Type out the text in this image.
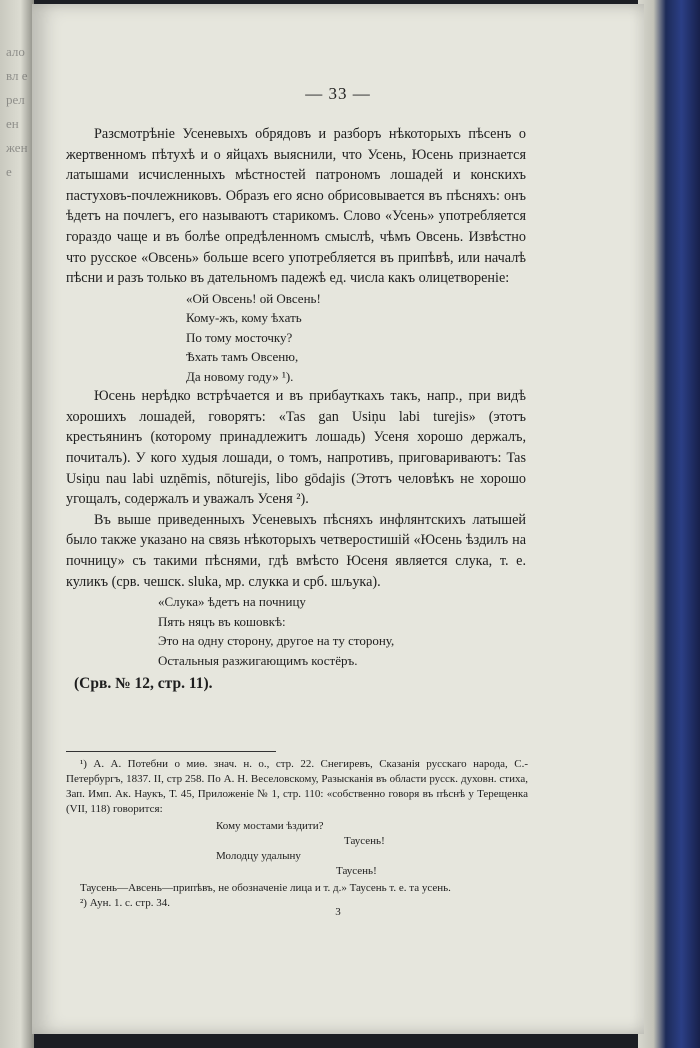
аловл ерелен жене
— 33 —

Разсмотрѣніе Усеневыхъ обрядовъ и разборъ нѣкоторыхъ пѣсенъ о жертвенномъ пѣтухѣ и о яйцахъ выяснили, что Усень, Юсень признается латышами исчисленныхъ мѣстностей патрономъ лошадей и конскихъ пастуховъ-почлежниковъ. Образъ его ясно обрисовывается въ пѣсняхъ: онъ ѣдетъ на почлегъ, его называютъ старикомъ. Слово «Усень» употребляется гораздо чаще и въ болѣе опредѣленномъ смыслѣ, чѣмъ Овсень. Извѣстно что русское «Овсень» больше всего употребляется въ припѣвѣ, или началѣ пѣсни и разъ только въ дательномъ падежѣ ед. числа какъ олицетвореніе:

«Ой Овсень! ой Овсень!
Кому-жъ, кому ѣхать
По тому мосточку?
Ѣхать тамъ Овсеню,
Да новому году» ¹).

Юсень нерѣдко встрѣчается и въ прибауткахъ такъ, напр., при видѣ хорошихъ лошадей, говорятъ: «Tas gan Usiņu labi turejis» (этотъ крестьянинъ (которому принадлежитъ лошадь) Усеня хорошо держалъ, почиталъ). У кого худыя лошади, о томъ, напротивъ, приговариваютъ: Tas Usiņu nau labi uzņēmis, nōturejis, libo gōdajis (Этотъ человѣкъ не хорошо угощалъ, содержалъ и уважалъ Усеня ²).

Въ выше приведенныхъ Усеневыхъ пѣсняхъ инфлянтскихъ латышей было также указано на связь нѣкоторыхъ четверостишій «Юсень ѣздилъ на почницу» съ такими пѣснями, гдѣ вмѣсто Юсеня является слука, т. е. куликъ (срв. чешск. sluka, мр. слукка и срб. шљука).

«Слука» ѣдетъ на почницу
Пять няцъ въ кошовкѣ:
Это на одну сторону, другое на ту сторону,
Остальныя разжигающимъ костёръ.
(Срв. № 12, стр. 11).

¹) А. А. Потебни о миѳ. знач. н. о., стр. 22. Снегиревъ, Сказанія русскаго народа, С.-Петербургъ, 1837. II, стр 258. По А. Н. Веселовскому, Разысканія въ области русск. духовн. стиха, Зап. Имп. Ак. Наукъ, Т. 45, Приложеніе № 1, стр. 110: «собственно говоря въ пѣснѣ у Терещенка (VII, 118) говорится:

Кому мостами ѣздити?
Таусень!
Молодцу удалыну
Таусень!

Таусень—Авсень—припѣвъ, не обозначеніе лица и т. д.» Таусень т. е. та усень.

²) Аун. 1. с. стр. 34.

3
